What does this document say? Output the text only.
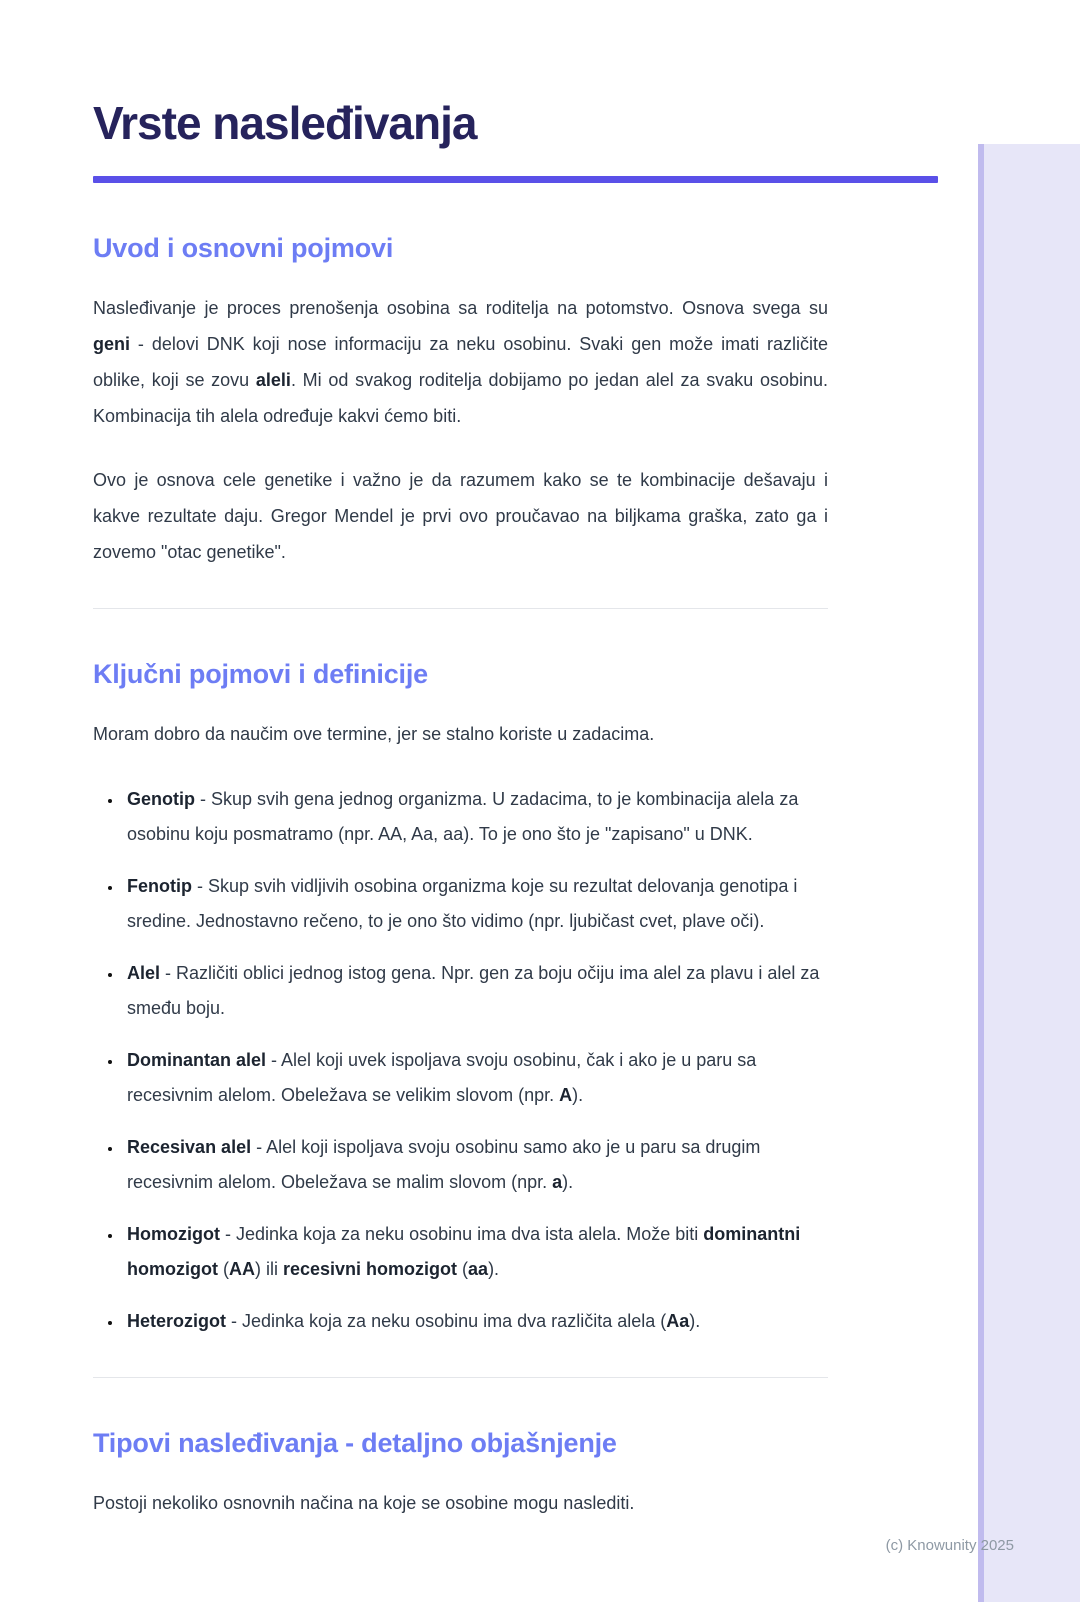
Vrste nasleđivanja
Uvod i osnovni pojmovi

Nasleđivanje je proces prenošenja osobina sa roditelja na potomstvo. Osnova svega su geni - delovi DNK koji nose informaciju za neku osobinu. Svaki gen može imati različite oblike, koji se zovu aleli. Mi od svakog roditelja dobijamo po jedan alel za svaku osobinu. Kombinacija tih alela određuje kakvi ćemo biti.

Ovo je osnova cele genetike i važno je da razumem kako se te kombinacije dešavaju i kakve rezultate daju. Gregor Mendel je prvi ovo proučavao na biljkama graška, zato ga i zovemo "otac genetike".

Ključni pojmovi i definicije

Moram dobro da naučim ove termine, jer se stalno koriste u zadacima.

• Genotip - Skup svih gena jednog organizma. U zadacima, to je kombinacija alela za osobinu koju posmatramo (npr. AA, Aa, aa). To je ono što je "zapisano" u DNK.
• Fenotip - Skup svih vidljivih osobina organizma koje su rezultat delovanja genotipa i sredine. Jednostavno rečeno, to je ono što vidimo (npr. ljubičast cvet, plave oči).
• Alel - Različiti oblici jednog istog gena. Npr. gen za boju očiju ima alel za plavu i alel za smeđu boju.
• Dominantan alel - Alel koji uvek ispoljava svoju osobinu, čak i ako je u paru sa recesivnim alelom. Obeležava se velikim slovom (npr. A).
• Recesivan alel - Alel koji ispoljava svoju osobinu samo ako je u paru sa drugim recesivnim alelom. Obeležava se malim slovom (npr. a).
• Homozigot - Jedinka koja za neku osobinu ima dva ista alela. Može biti dominantni homozigot (AA) ili recesivni homozigot (aa).
• Heterozigot - Jedinka koja za neku osobinu ima dva različita alela (Aa).
Tipovi nasleđivanja - detaljno objašnjenje

Postoji nekoliko osnovnih načina na koje se osobine mogu naslediti.

(c) Knowunity 2025
